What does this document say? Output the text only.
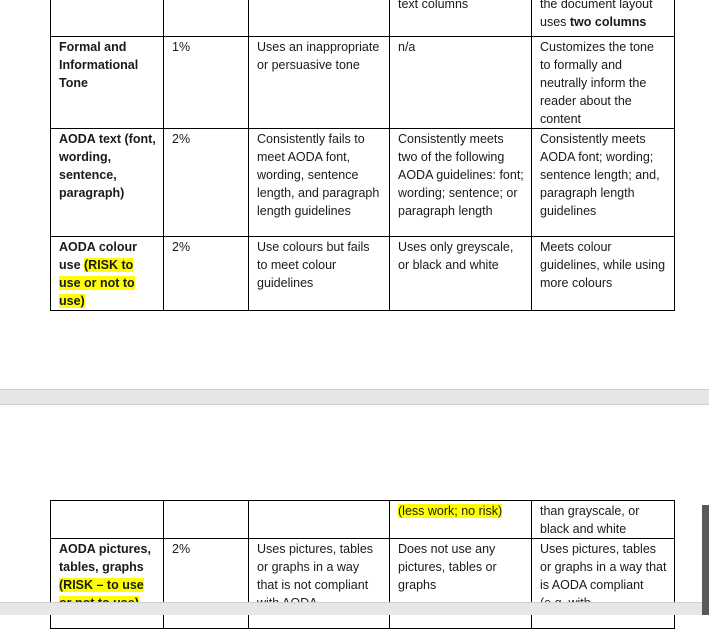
			text columns	the document layout uses two columns
Formal and Informational Tone	1%	Uses an inappropriate or persuasive tone	n/a	Customizes the tone to formally and neutrally inform the reader about the content
AODA text (font, wording, sentence, paragraph)	2%	Consistently fails to meet AODA font, wording, sentence length, and paragraph length guidelines	Consistently meets two of the following AODA guidelines: font; wording; sentence; or paragraph length	Consistently meets AODA font; wording; sentence length; and, paragraph length guidelines
AODA colour use (RISK to use or not to use)	2%	Use colours but fails to meet colour guidelines	Uses only greyscale, or black and white	Meets colour guidelines, while using more colours
			(less work; no risk)	than grayscale, or black and white
AODA pictures, tables, graphs (RISK – to use	2%	Uses pictures, tables or graphs in a way that is not compliant	Does not use any pictures, tables or graphs	Uses pictures, tables or graphs in a way that is AODA compliant
